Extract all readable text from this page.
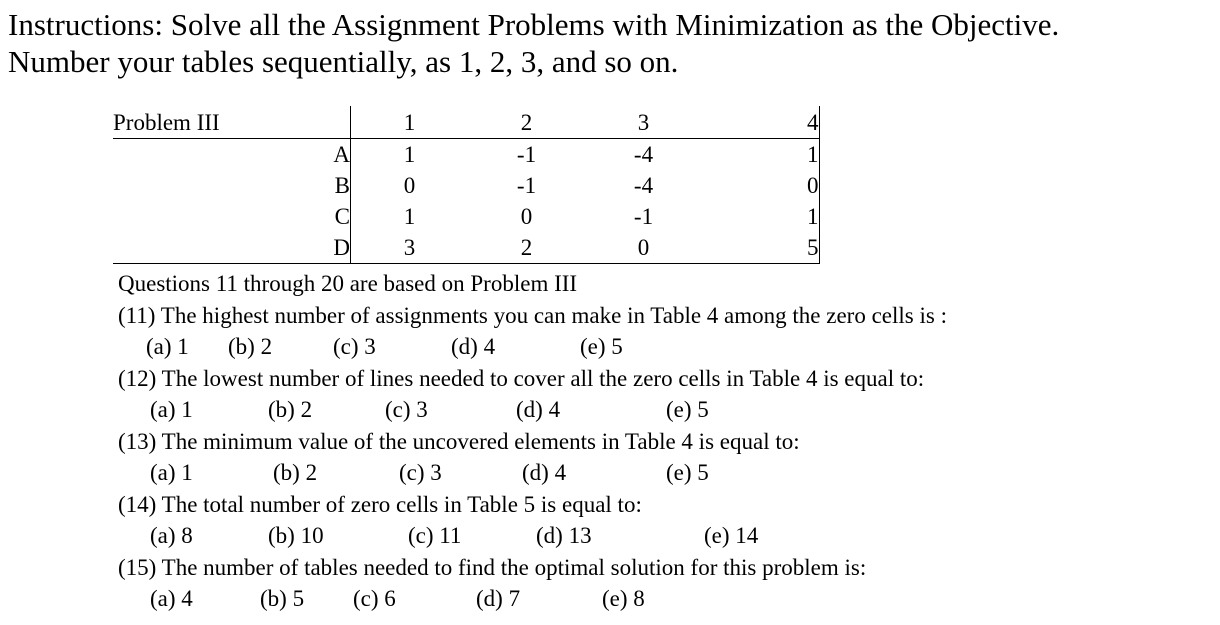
Instructions: Solve all the Assignment Problems with Minimization as the Objective.
Number your tables sequentially, as 1, 2, 3, and so on.
Problem III	1	2	3	4
A	1	-1	-4	1
B	0	-1	-4	0
C	1	0	-1	1
D	3	2	0	5
Questions 11 through 20 are based on Problem III
(11) The highest number of assignments you can make in Table 4 among the zero cells is :
(a) 1 (b) 2	(c) 3	(d) 4	(e) 5
(12) The lowest number of lines needed to cover all the zero cells in Table 4 is equal to:
(a) 1	(b) 2	(c) 3	(d) 4	(e) 5
(13) The minimum value of the uncovered elements in Table 4 is equal to:
(a) 1	(b) 2	(c) 3	(d) 4	(e) 5
(14) The total number of zero cells in Table 5 is equal to:
(a) 8	(b) 10	(c) 11	(d) 13	(e) 14
(15) The number of tables needed to find the optimal solution for this problem is:
(a) 4	(b) 5 (c) 6	(d) 7	(e) 8
